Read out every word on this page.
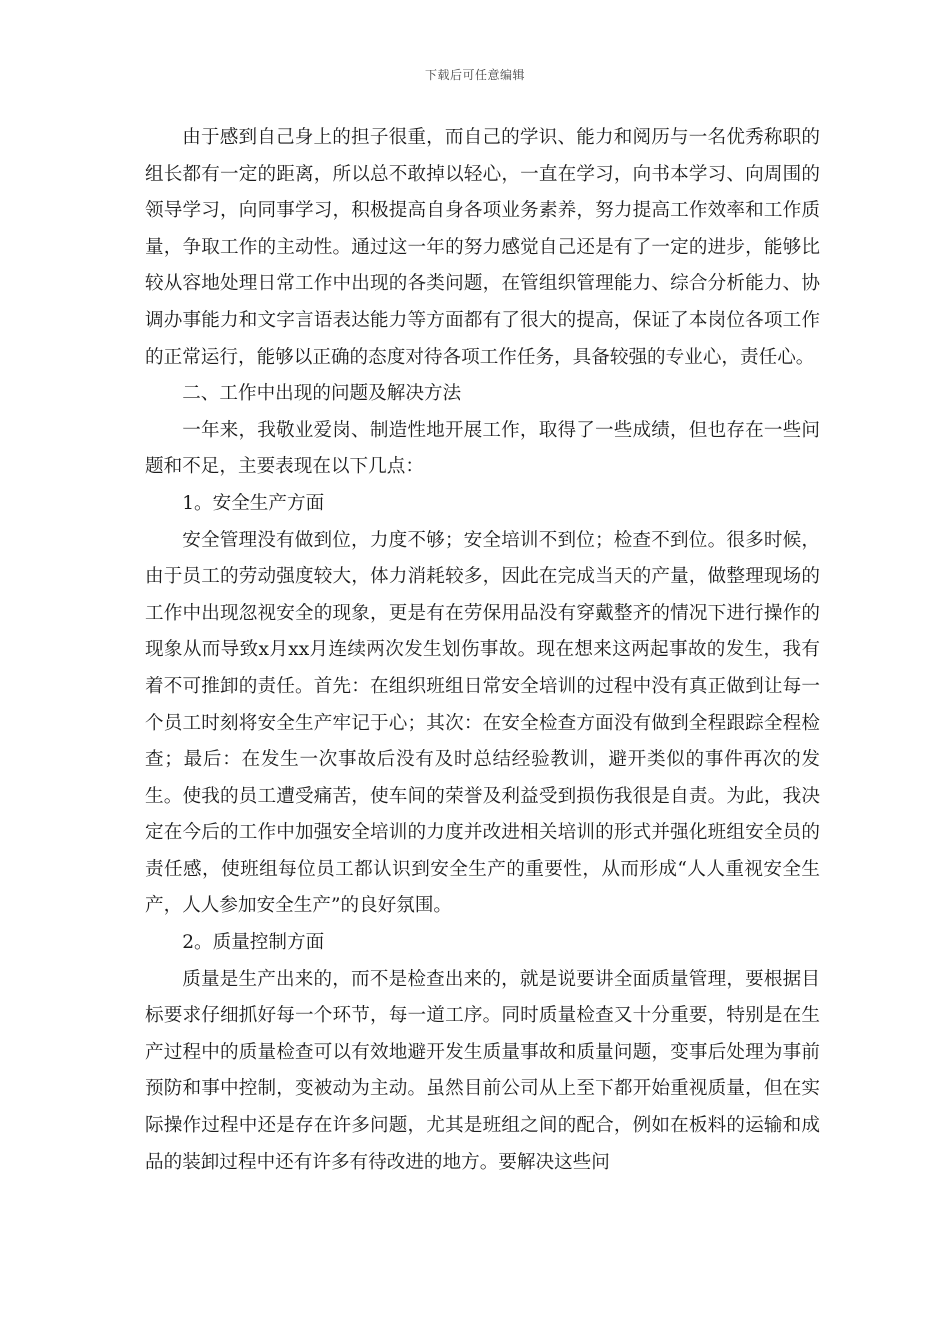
下载后可任意编辑

由于感到自己身上的担子很重，而自己的学识、能力和阅历与一名优秀称职的组长都有一定的距离，所以总不敢掉以轻心，一直在学习，向书本学习、向周围的领导学习，向同事学习，积极提高自身各项业务素养，努力提高工作效率和工作质量，争取工作的主动性。通过这一年的努力感觉自己还是有了一定的进步，能够比较从容地处理日常工作中出现的各类问题，在管组织管理能力、综合分析能力、协调办事能力和文字言语表达能力等方面都有了很大的提高，保证了本岗位各项工作的正常运行，能够以正确的态度对待各项工作任务，具备较强的专业心，责任心。

二、工作中出现的问题及解决方法

一年来，我敬业爱岗、制造性地开展工作，取得了一些成绩，但也存在一些问题和不足，主要表现在以下几点：

1。安全生产方面

安全管理没有做到位，力度不够；安全培训不到位；检查不到位。很多时候，由于员工的劳动强度较大，体力消耗较多，因此在完成当天的产量，做整理现场的工作中出现忽视安全的现象，更是有在劳保用品没有穿戴整齐的情况下进行操作的现象从而导致x月xx月连续两次发生划伤事故。现在想来这两起事故的发生，我有着不可推卸的责任。首先：在组织班组日常安全培训的过程中没有真正做到让每一个员工时刻将安全生产牢记于心；其次：在安全检查方面没有做到全程跟踪全程检查；最后：在发生一次事故后没有及时总结经验教训，避开类似的事件再次的发生。使我的员工遭受痛苦，使车间的荣誉及利益受到损伤我很是自责。为此，我决定在今后的工作中加强安全培训的力度并改进相关培训的形式并强化班组安全员的责任感，使班组每位员工都认识到安全生产的重要性，从而形成“人人重视安全生产，人人参加安全生产”的良好氛围。

2。质量控制方面

质量是生产出来的，而不是检查出来的，就是说要讲全面质量管理，要根据目标要求仔细抓好每一个环节，每一道工序。同时质量检查又十分重要，特别是在生产过程中的质量检查可以有效地避开发生质量事故和质量问题，变事后处理为事前预防和事中控制，变被动为主动。虽然目前公司从上至下都开始重视质量，但在实际操作过程中还是存在许多问题，尤其是班组之间的配合，例如在板料的运输和成品的装卸过程中还有许多有待改进的地方。要解决这些问
